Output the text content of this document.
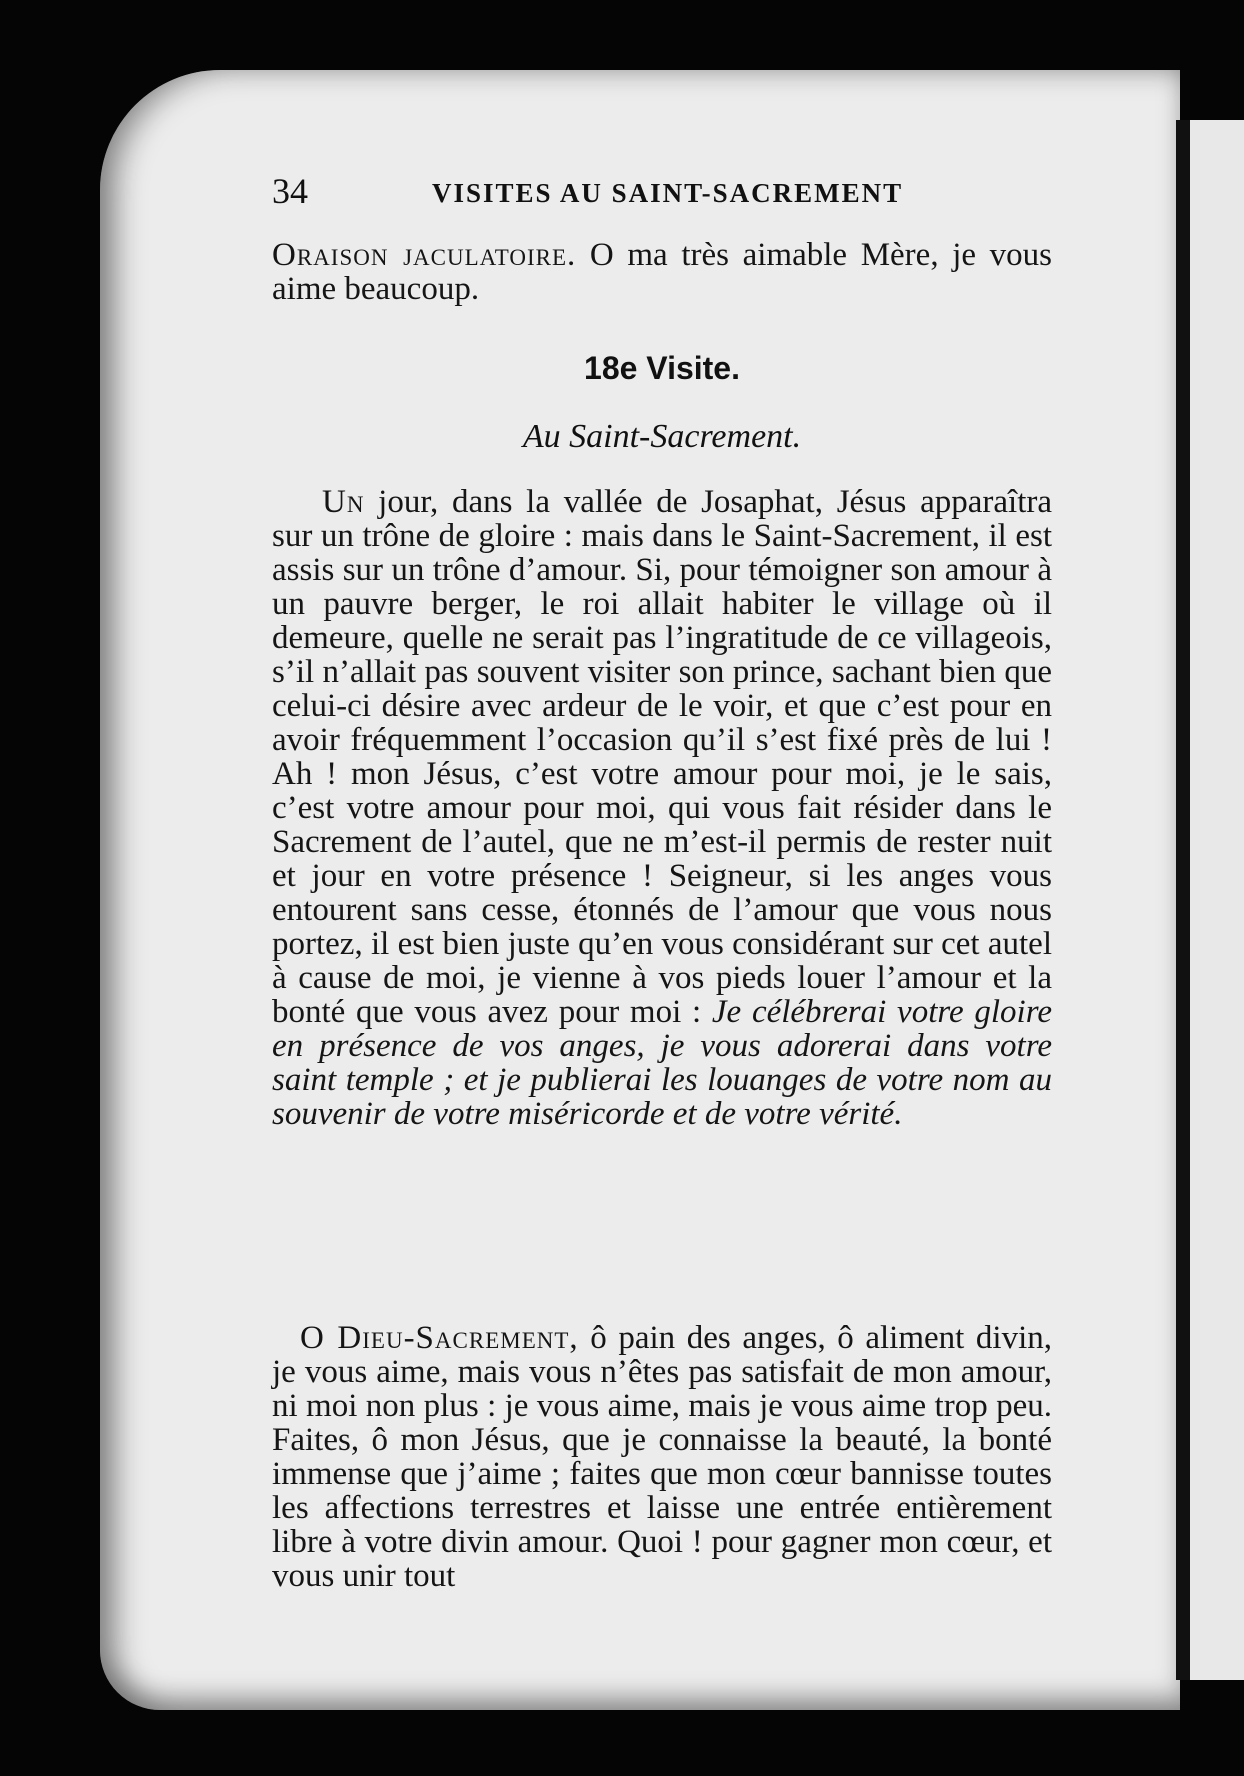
34	VISITES AU SAINT-SACREMENT
Oraison jaculatoire. O ma très aimable Mère, je vous aime beaucoup.
18e Visite.
Au Saint-Sacrement.
Un jour, dans la vallée de Josaphat, Jésus apparaîtra sur un trône de gloire : mais dans le Saint-Sacrement, il est assis sur un trône d’amour. Si, pour témoigner son amour à un pauvre berger, le roi allait habiter le village où il demeure, quelle ne serait pas l’ingratitude de ce villageois, s’il n’allait pas souvent visiter son prince, sachant bien que celui-ci désire avec ardeur de le voir, et que c’est pour en avoir fréquemment l’occasion qu’il s’est fixé près de lui ! Ah ! mon Jésus, c’est votre amour pour moi, je le sais, c’est votre amour pour moi, qui vous fait résider dans le Sacrement de l’autel, que ne m’est-il permis de rester nuit et jour en votre présence ! Seigneur, si les anges vous entourent sans cesse, étonnés de l’amour que vous nous portez, il est bien juste qu’en vous considérant sur cet autel à cause de moi, je vienne à vos pieds louer l’amour et la bonté que vous avez pour moi : Je célébrerai votre gloire en présence de vos anges, je vous adorerai dans votre saint temple ; et je publierai les louanges de votre nom au souvenir de votre miséricorde et de votre vérité.
O Dieu-Sacrement, ô pain des anges, ô aliment divin, je vous aime, mais vous n’êtes pas satisfait de mon amour, ni moi non plus : je vous aime, mais je vous aime trop peu. Faites, ô mon Jésus, que je connaisse la beauté, la bonté immense que j’aime ; faites que mon cœur bannisse toutes les affections terrestres et laisse une entrée entièrement libre à votre divin amour. Quoi ! pour gagner mon cœur, et vous unir tout
